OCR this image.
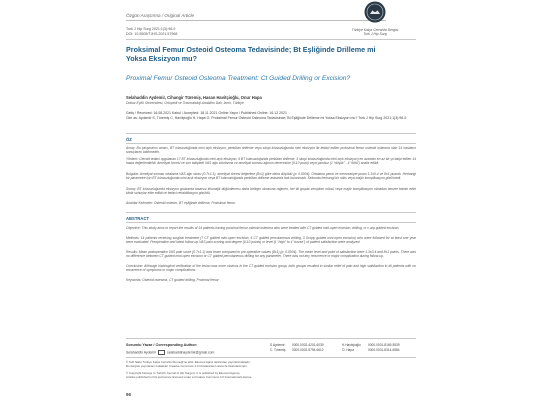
Özgün Araştırma / Original Article
Türkiye Kalça Cerrahisi Dergisi Turk J Hip Surg
Turk J Hip Surg 2021;1(3):96-9
DOI: 10.5505/TJHS.2021.57968
Proksimal Femur Osteoid Osteoma Tedavisinde; Bt Eşliğinde Drilleme mi Yoksa Eksizyon mu?
Proximal Femur Osteoid Osteoma Treatment: Ct Guided Drilling or Excision?
Selahaddin Aydemir, Cihangir Türemiş, Hasan Havitçioğlu, Onur Hapa
Dokuz Eylül Üniversitesi, Ortopedi ve Travmatoloji Anabilim Dalı, İzmir, Türkiye
Geliş / Received: 16.08.2021 Kabul / Accepted: 18.11.2021 Online Yayın / Published Online: 16.12.2021
Cite as: Aydemir S, Türemiş C, Havitçioğlu H, Hapa O. Proksimal Femur Osteoid Osteoma Tedavisinde; Bt Eşliğinde Drilleme mi Yoksa Eksizyon mu? Turk J Hip Surg 2021;1(3):96-9
ÖZ
Amaç: Bu çalışmanın amacı, BT kılavuzluğunda mini açık eksizyon, perkütan drilleme veya skopi kılavuzluğunda mini eksizyon ile tedavi edilen proksimal femur osteoid osteoma olan 14 hastanın sonuçlarını bildirmektir.
Yöntem: Cerrahi tedavi uygulanan 17 BT kılavuzluğunda mini açık eksizyon, 6 BT kılavuzluğunda perkütan drilleme, 3 skopi kılavuzluğunda mini açık eksizyon) en azından en az bir yıl takip edilen 14 hasta değerlendirildi. Ameliyat öncesi ve son takipteki VAS ağrı skorlarına ve ameliyat sonrası ağrının derecesine (0-10 puan) veya yanıtsız (1 “düşük” - 4 “kötü”) analiz edildi.
Bulgular: Ameliyat sonrası ortalama VAS ağrı skoru (0.7±1.1), ameliyat öncesi değerlere (8±1) göre daha düşüktü (p: 0.0004). Ortalama yanıtı ve memnuniyet puanı 1.3±0.4 ve 8±1 puandı. Herhangi bir parametre için BT kılavuzluğunda mini açık eksizyon veya BT kılavuzluğunda perkütan drilleme arasında fark bulunmadı. Sekonda herhangi bir nüks veya majör komplikasyon görülmedi.
Sonuç: BT kılavuzluğunda eksizyon grubunda tasarsız kilomajik düğüntemesı daha belirgin olmasına rağmen, her iki grupta semptom nüksü veya majör komplikasyon olmadan benzer tatmin edici klinik sonuçlar elde edildi ve tedavi rehabilitasyon görüldü.
Anahtar Kelimeler: Osteoid osteom, BT eşliğinde drilleme, Proksimal femur
ABSTRACT
Objective: This study aims to report the results of 14 patients having proximal femur osteoid osteoma who were treated with CT guided mini-open excision, drilling, or c-arp guided excision.
Methods: 14 patients receiving surgical treatment (7 CT guided mini-open excision, 6 CT guided percutaneous drilling, 3 Scopy guided mini-open excision) who were followed for at least one year were evaluated. Preoperative and latest follow-up VAS pain scoring and degree (0-10 points) or level (1 “high” to 4 “worse”) of patient satisfaction were analyzed.
Results: Mean postoperative VAS pain score (0.7±1.1) was lower compared to pre-operative values (8±1) (p: 0.0004). The mean level and point of satisfaction were 1.3±0.4 and 8±1 points. There was no difference between CT guided mini-open excision or CT guided percutaneous drilling for any parameter. There was not any recurrence or major complication during follow-up.
Conclusion: Although histological verification of the lesion was more obvious in the CT guided excision group, both groups resulted in similar relief of pain and high satisfaction in all patients with no recurrence of symptoms or major complications.
Keywords: Osteoid osteoma, CT guided drilling, Proximal femur
Sorumlu Yazar / Corresponding Author:
Selahaddin Aydemir	selahaddinaydemir@gmail.com
S.Aydemir	0000-0002-4201-6039	H.Havitçioğlu	0000-0001-8169-5539
C. Türemiş	0000-0002-5794-6612	O. Hapa	0000-0001-8314-6584
© Telif hakkı Türkiye Kalça Cerrahisi Derneği'ne aittir. Ekomed Ajans tarafından yayınlanmaktadır.
Bu dergide yayınlanan makaleler Creative Commons 4.0 Uluslararası Lisans ile lisanslanmıştır.
© Copyright belongs to Turkish Journal of Hip Surgery. It is published by Ekomed Agency.
Articles published in this journal are licensed under a Creative Commons 4.0 International License.
96
